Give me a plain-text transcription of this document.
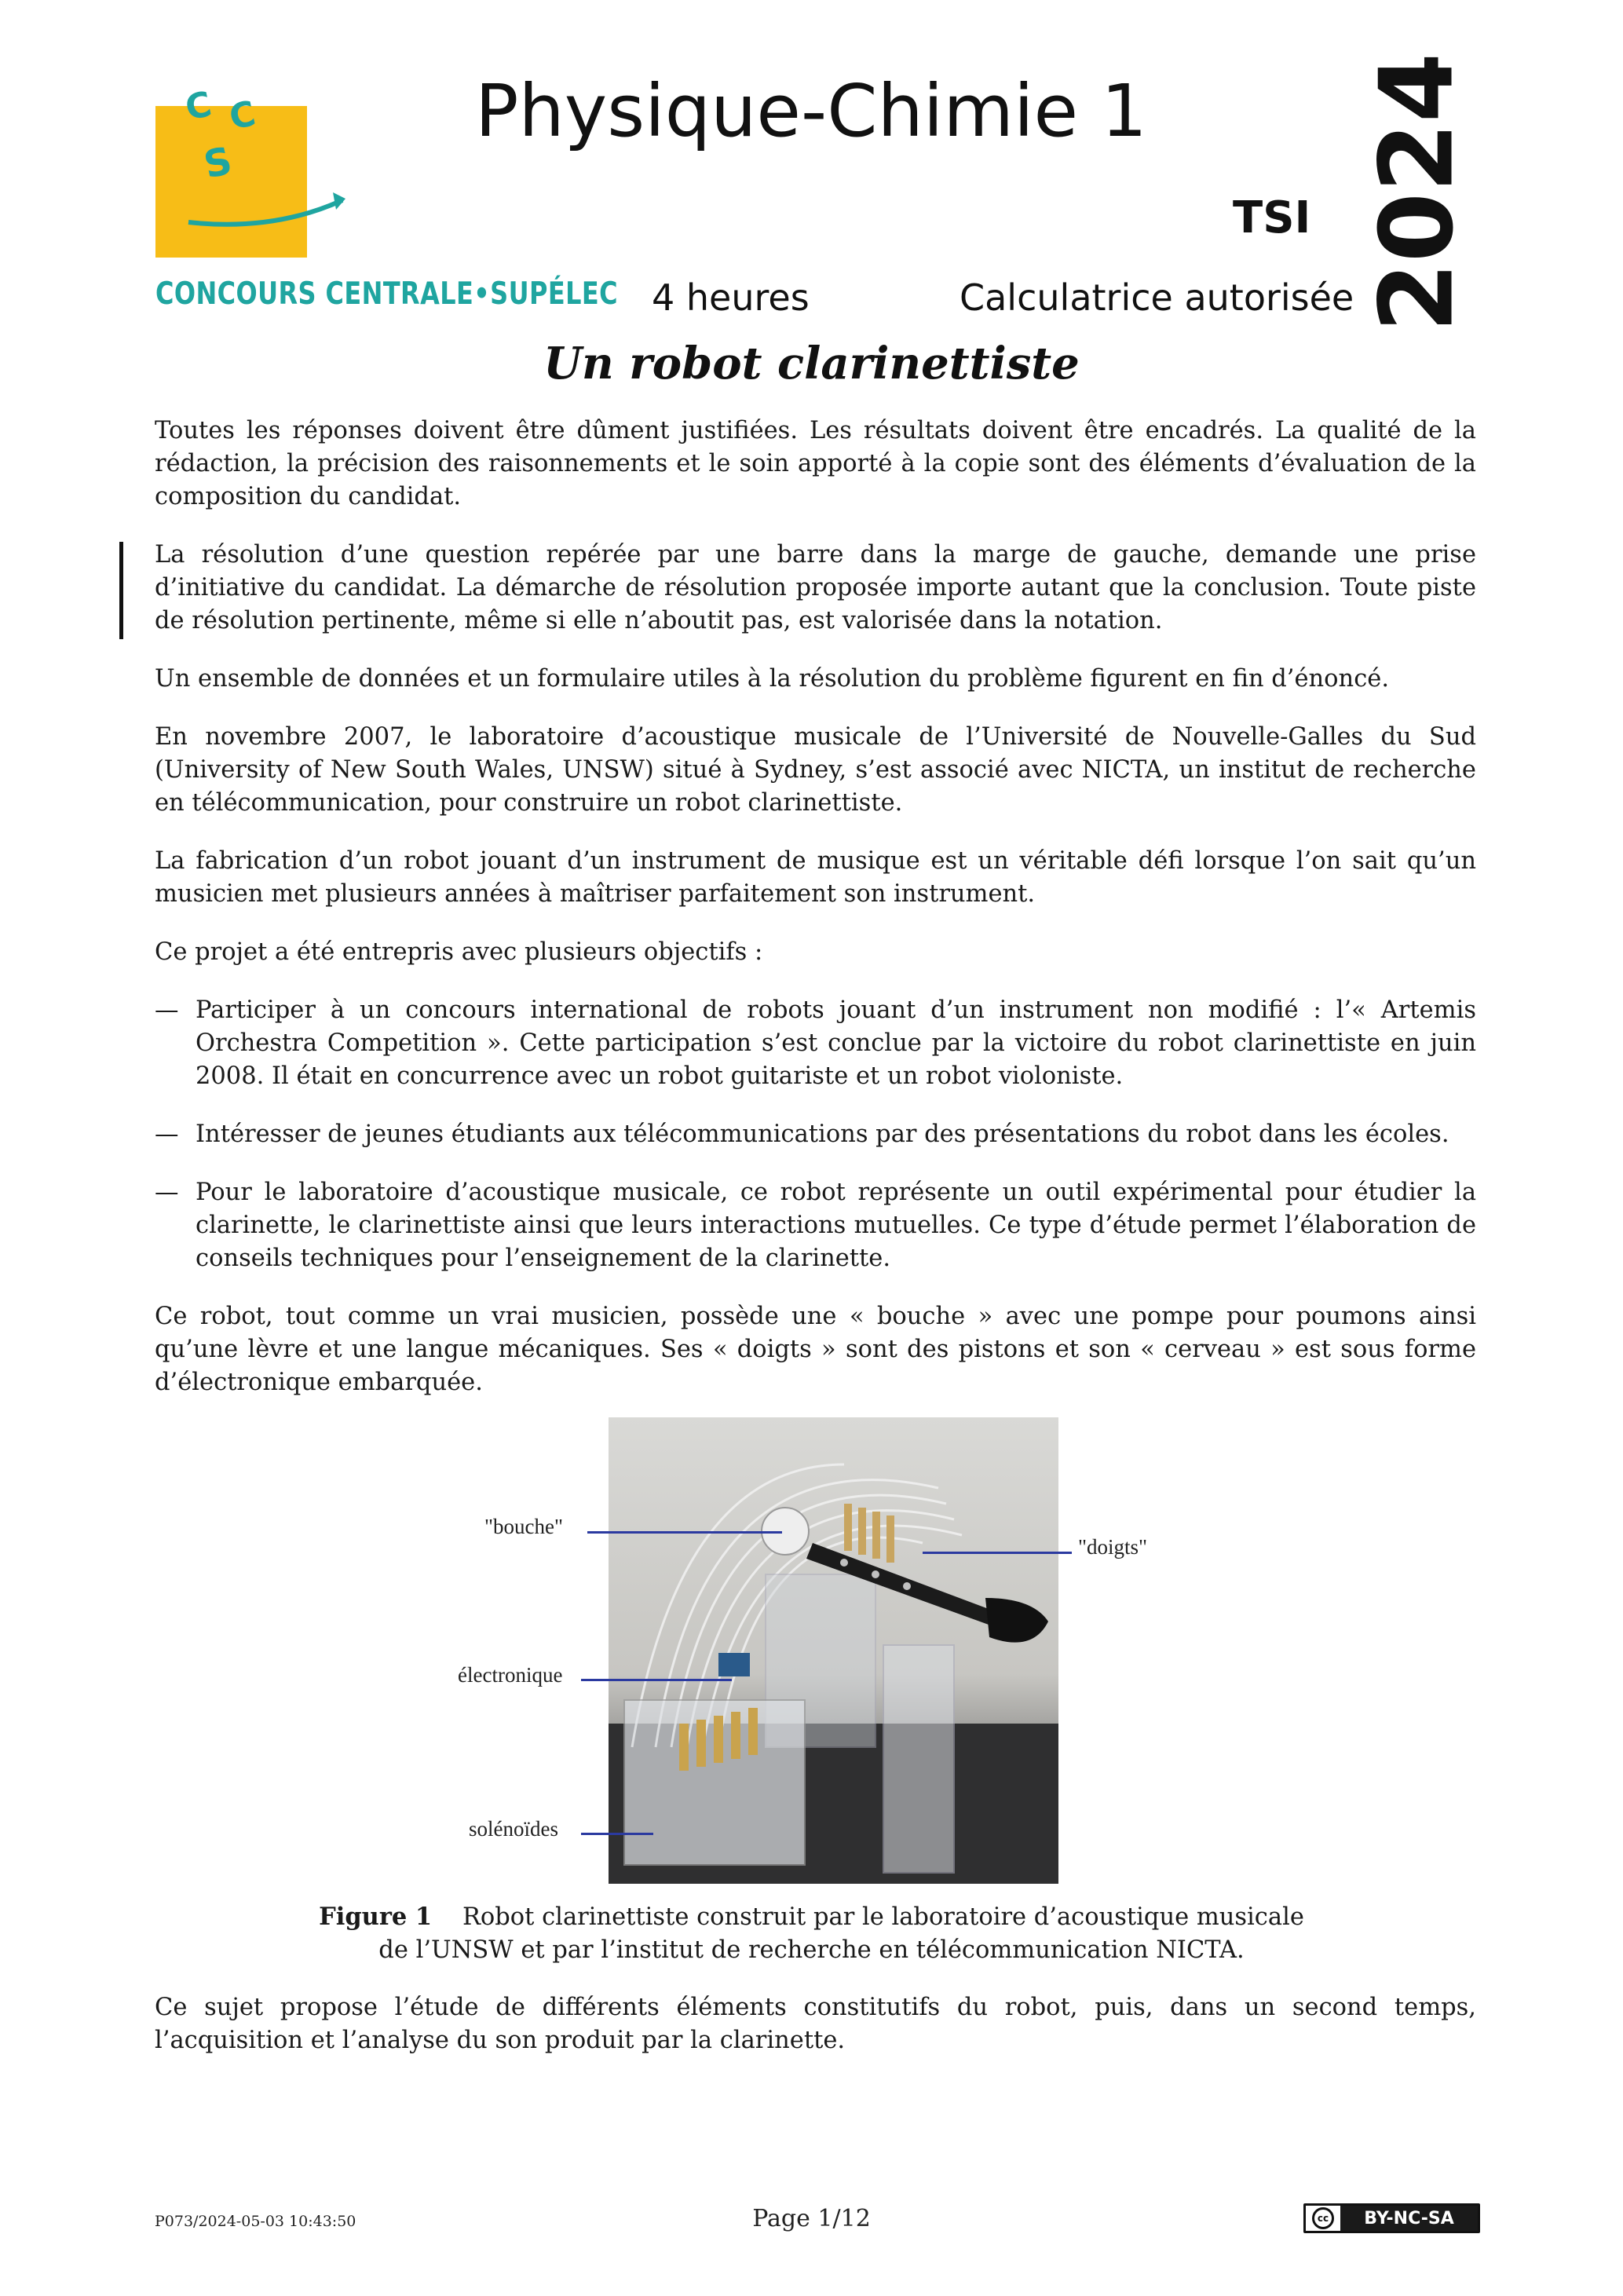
C C
S
CONCOURS CENTRALE•SUPÉLEC
Physique-Chimie 1
TSI 2024
4 heures	Calculatrice autorisée
Un robot clarinettiste

Toutes les réponses doivent être dûment justifiées. Les résultats doivent être encadrés. La qualité de la rédaction, la précision des raisonnements et le soin apporté à la copie sont des éléments d’évaluation de la composition du candidat.

La résolution d’une question repérée par une barre dans la marge de gauche, demande une prise d’initiative du candidat. La démarche de résolution proposée importe autant que la conclusion. Toute piste de résolution pertinente, même si elle n’aboutit pas, est valorisée dans la notation.

Un ensemble de données et un formulaire utiles à la résolution du problème figurent en fin d’énoncé.

En novembre 2007, le laboratoire d’acoustique musicale de l’Université de Nouvelle-Galles du Sud (University of New South Wales, UNSW) situé à Sydney, s’est associé avec NICTA, un institut de recherche en télécommunication, pour construire un robot clarinettiste.

La fabrication d’un robot jouant d’un instrument de musique est un véritable défi lorsque l’on sait qu’un musicien met plusieurs années à maîtriser parfaitement son instrument.

Ce projet a été entrepris avec plusieurs objectifs :

— Participer à un concours international de robots jouant d’un instrument non modifié : l’« Artemis Orchestra Competition ». Cette participation s’est conclue par la victoire du robot clarinettiste en juin 2008. Il était en concurrence avec un robot guitariste et un robot violoniste.
— Intéresser de jeunes étudiants aux télécommunications par des présentations du robot dans les écoles.
— Pour le laboratoire d’acoustique musicale, ce robot représente un outil expérimental pour étudier la clarinette, le clarinettiste ainsi que leurs interactions mutuelles. Ce type d’étude permet l’élaboration de conseils techniques pour l’enseignement de la clarinette.

Ce robot, tout comme un vrai musicien, possède une « bouche » avec une pompe pour poumons ainsi qu’une lèvre et une langue mécaniques. Ses « doigts » sont des pistons et son « cerveau » est sous forme d’électronique embarquée.

"bouche"
"doigts"
électronique
solénoïdes
Figure 1 Robot clarinettiste construit par le laboratoire d’acoustique musicale
de l’UNSW et par l’institut de recherche en télécommunication NICTA.
Ce sujet propose l’étude de différents éléments constitutifs du robot, puis, dans un second temps, l’acquisition et l’analyse du son produit par la clarinette.
P073/2024-05-03 10:43:50	Page 1/12	cc	BY-NC-SA
